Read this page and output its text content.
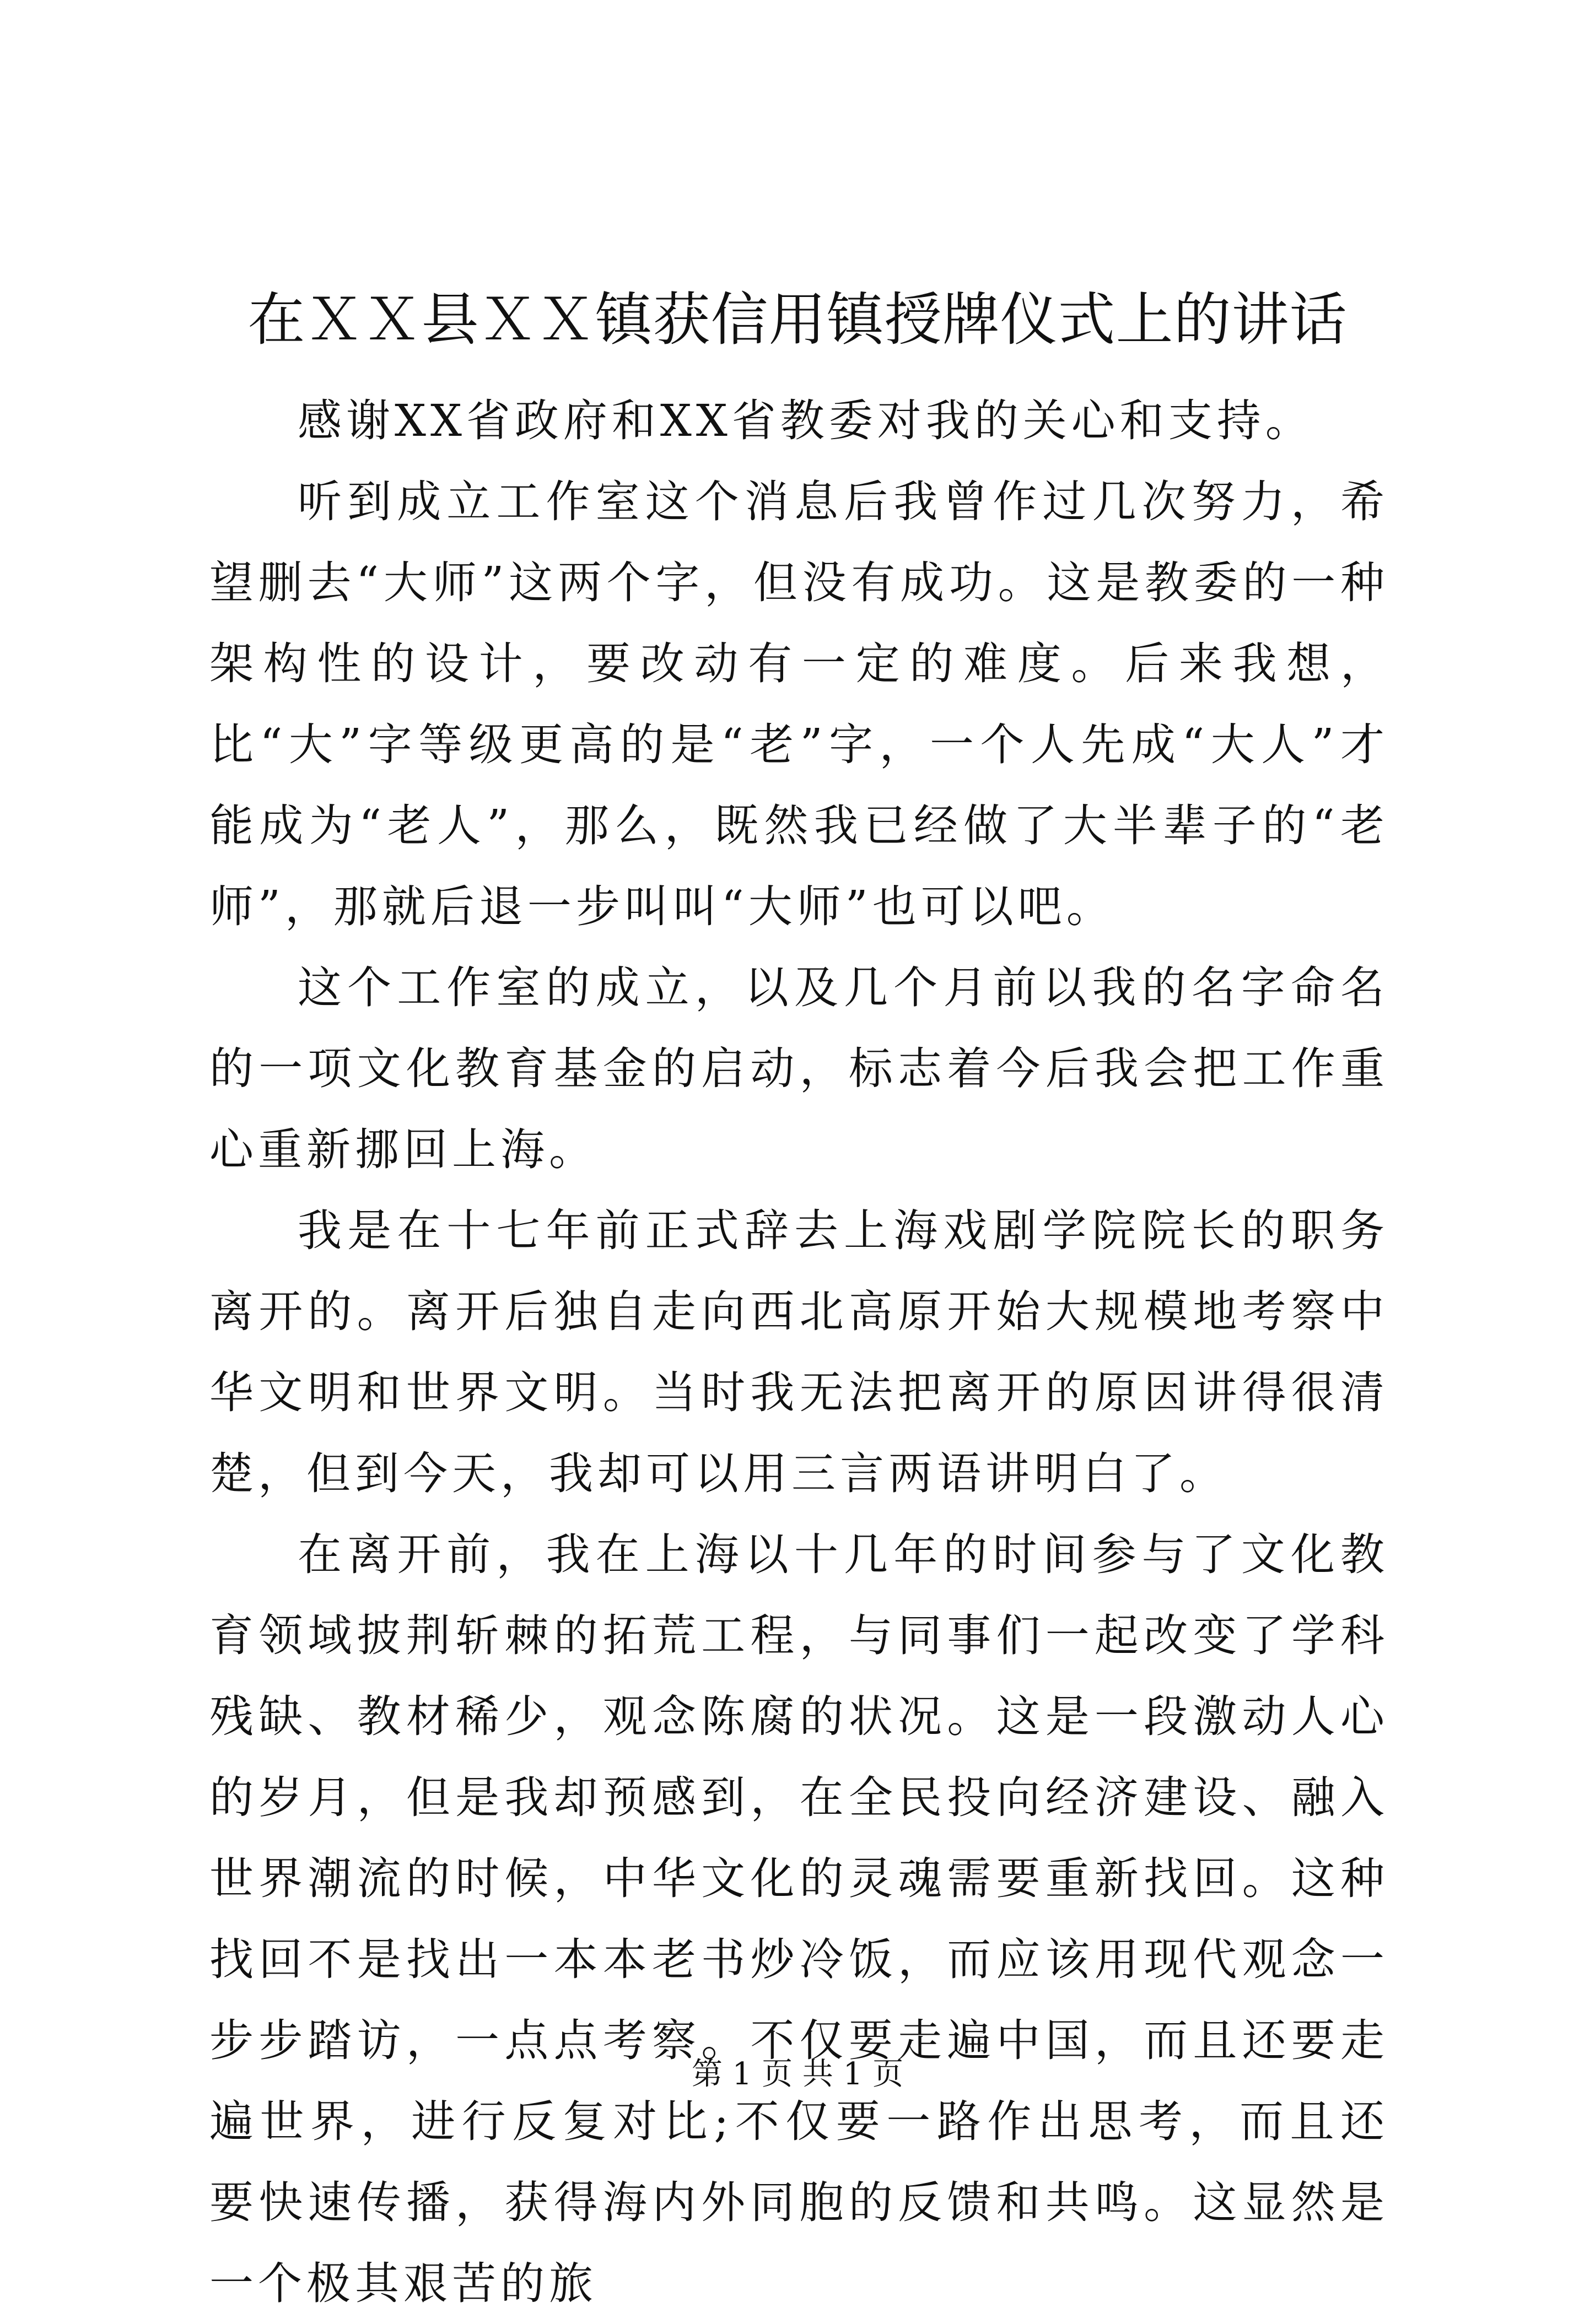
在ＸＸ县ＸＸ镇获信用镇授牌仪式上的讲话

感谢XX省政府和XX省教委对我的关心和支持。

听到成立工作室这个消息后我曾作过几次努力，希望删去“大师”这两个字，但没有成功。这是教委的一种架构性的设计，要改动有一定的难度。后来我想，比“大”字等级更高的是“老”字，一个人先成“大人”才能成为“老人”，那么，既然我已经做了大半辈子的“老师”，那就后退一步叫叫“大师”也可以吧。

这个工作室的成立，以及几个月前以我的名字命名的一项文化教育基金的启动，标志着今后我会把工作重心重新挪回上海。

我是在十七年前正式辞去上海戏剧学院院长的职务离开的。离开后独自走向西北高原开始大规模地考察中华文明和世界文明。当时我无法把离开的原因讲得很清楚，但到今天，我却可以用三言两语讲明白了。

在离开前，我在上海以十几年的时间参与了文化教育领域披荆斩棘的拓荒工程，与同事们一起改变了学科残缺、教材稀少，观念陈腐的状况。这是一段激动人心的岁月，但是我却预感到，在全民投向经济建设、融入世界潮流的时候，中华文化的灵魂需要重新找回。这种找回不是找出一本本老书炒冷饭，而应该用现代观念一步步踏访，一点点考察。不仅要走遍中国，而且还要走遍世界，进行反复对比;不仅要一路作出思考，而且还要快速传播，获得海内外同胞的反馈和共鸣。这显然是一个极其艰苦的旅

第 1 页 共 1 页
